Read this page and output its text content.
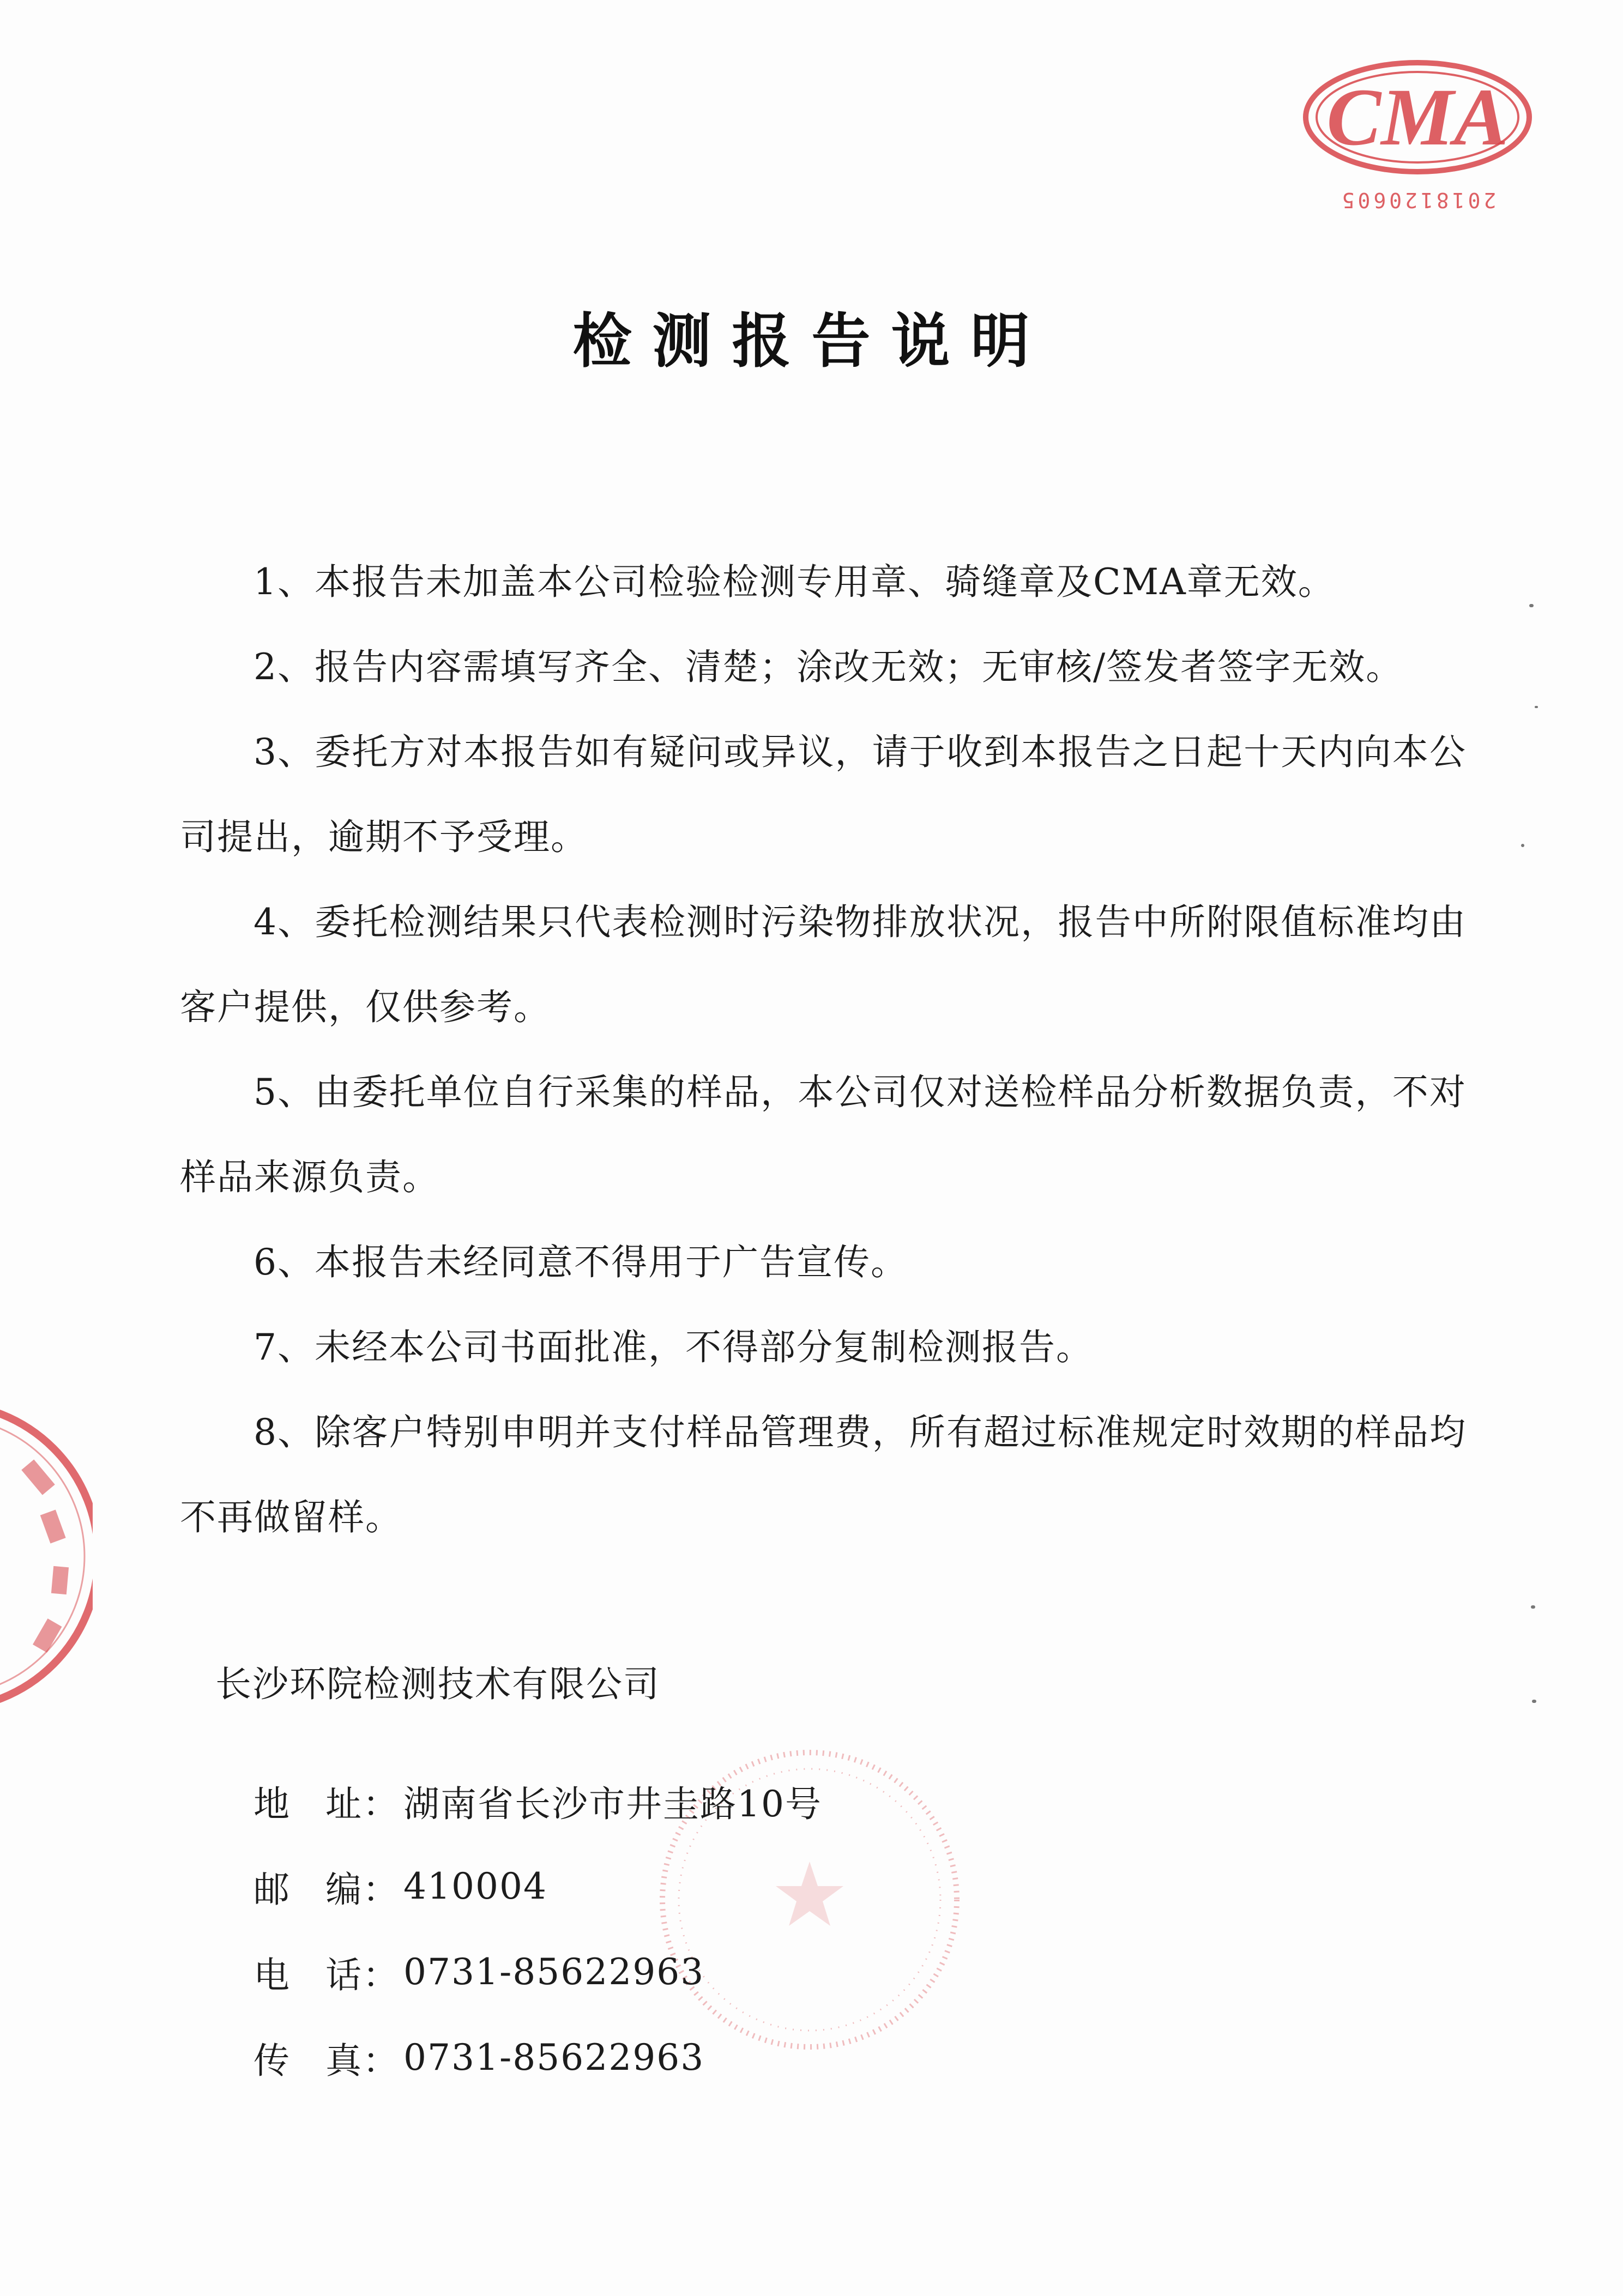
CMA
2018120605
检测报告说明

1、本报告未加盖本公司检验检测专用章、骑缝章及CMA章无效。

2、报告内容需填写齐全、清楚；涂改无效；无审核/签发者签字无效。

3、委托方对本报告如有疑问或异议，请于收到本报告之日起十天内向本公司提出，逾期不予受理。

4、委托检测结果只代表检测时污染物排放状况，报告中所附限值标准均由客户提供，仅供参考。

5、由委托单位自行采集的样品，本公司仅对送检样品分析数据负责，不对样品来源负责。

6、本报告未经同意不得用于广告宣传。

7、未经本公司书面批准，不得部分复制检测报告。

8、除客户特别申明并支付样品管理费，所有超过标准规定时效期的样品均不再做留样。

长沙环院检测技术有限公司
地 址 ： 湖南省长沙市井圭路10号
邮 编 ： 410004
电 话 ： 0731-85622963
传 真 ： 0731-85622963
